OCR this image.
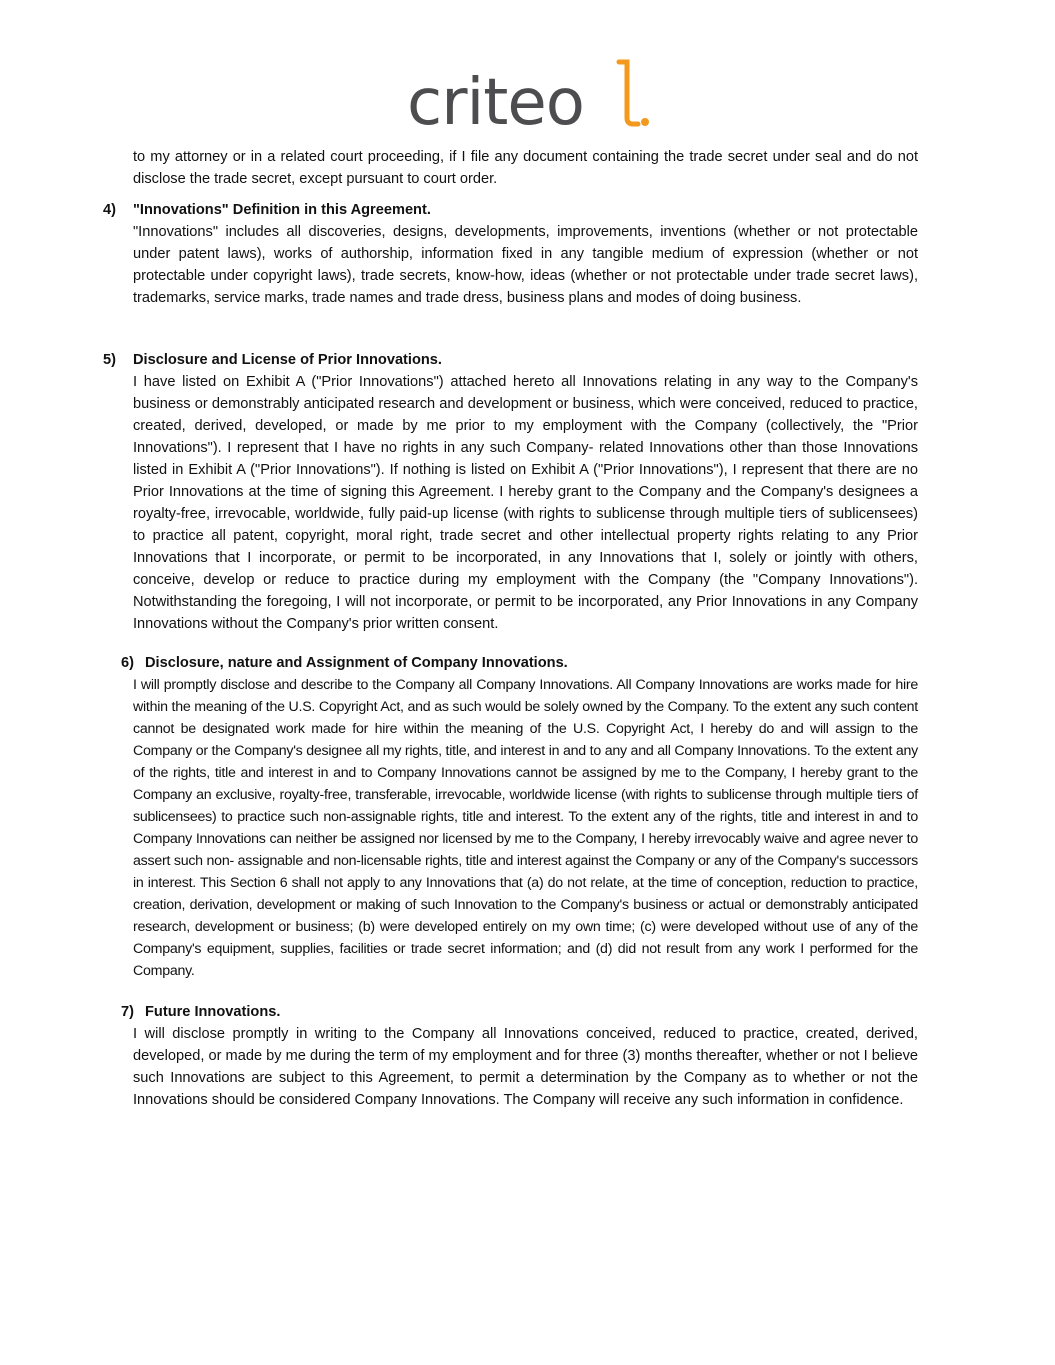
criteo

to my attorney or in a related court proceeding, if I file any document containing the trade secret under seal and do not disclose the trade secret, except pursuant to court order.

4) "Innovations" Definition in this Agreement.

"Innovations" includes all discoveries, designs, developments, improvements, inventions (whether or not protectable under patent laws), works of authorship, information fixed in any tangible medium of expression (whether or not protectable under copyright laws), trade secrets, know-how, ideas (whether or not protectable under trade secret laws), trademarks, service marks, trade names and trade dress, business plans and modes of doing business.

5) Disclosure and License of Prior Innovations.

I have listed on Exhibit A ("Prior Innovations") attached hereto all Innovations relating in any way to the Company's business or demonstrably anticipated research and development or business, which were conceived, reduced to practice, created, derived, developed, or made by me prior to my employment with the Company (collectively, the "Prior Innovations"). I represent that I have no rights in any such Company- related Innovations other than those Innovations listed in Exhibit A ("Prior Innovations"). If nothing is listed on Exhibit A ("Prior Innovations"), I represent that there are no Prior Innovations at the time of signing this Agreement. I hereby grant to the Company and the Company's designees a royalty-free, irrevocable, worldwide, fully paid-up license (with rights to sublicense through multiple tiers of sublicensees) to practice all patent, copyright, moral right, trade secret and other intellectual property rights relating to any Prior Innovations that I incorporate, or permit to be incorporated, in any Innovations that I, solely or jointly with others, conceive, develop or reduce to practice during my employment with the Company (the "Company Innovations"). Notwithstanding the foregoing, I will not incorporate, or permit to be incorporated, any Prior Innovations in any Company Innovations without the Company's prior written consent.

6) Disclosure, nature and Assignment of Company Innovations.

I will promptly disclose and describe to the Company all Company Innovations. All Company Innovations are works made for hire within the meaning of the U.S. Copyright Act, and as such would be solely owned by the Company. To the extent any such content cannot be designated work made for hire within the meaning of the U.S. Copyright Act, I hereby do and will assign to the Company or the Company's designee all my rights, title, and interest in and to any and all Company Innovations. To the extent any of the rights, title and interest in and to Company Innovations cannot be assigned by me to the Company, I hereby grant to the Company an exclusive, royalty-free, transferable, irrevocable, worldwide license (with rights to sublicense through multiple tiers of sublicensees) to practice such non-assignable rights, title and interest. To the extent any of the rights, title and interest in and to Company Innovations can neither be assigned nor licensed by me to the Company, I hereby irrevocably waive and agree never to assert such non- assignable and non-licensable rights, title and interest against the Company or any of the Company's successors in interest. This Section 6 shall not apply to any Innovations that (a) do not relate, at the time of conception, reduction to practice, creation, derivation, development or making of such Innovation to the Company's business or actual or demonstrably anticipated research, development or business; (b) were developed entirely on my own time; (c) were developed without use of any of the Company's equipment, supplies, facilities or trade secret information; and (d) did not result from any work I performed for the Company.

7) Future Innovations.

I will disclose promptly in writing to the Company all Innovations conceived, reduced to practice, created, derived, developed, or made by me during the term of my employment and for three (3) months thereafter, whether or not I believe such Innovations are subject to this Agreement, to permit a determination by the Company as to whether or not the Innovations should be considered Company Innovations. The Company will receive any such information in confidence.
